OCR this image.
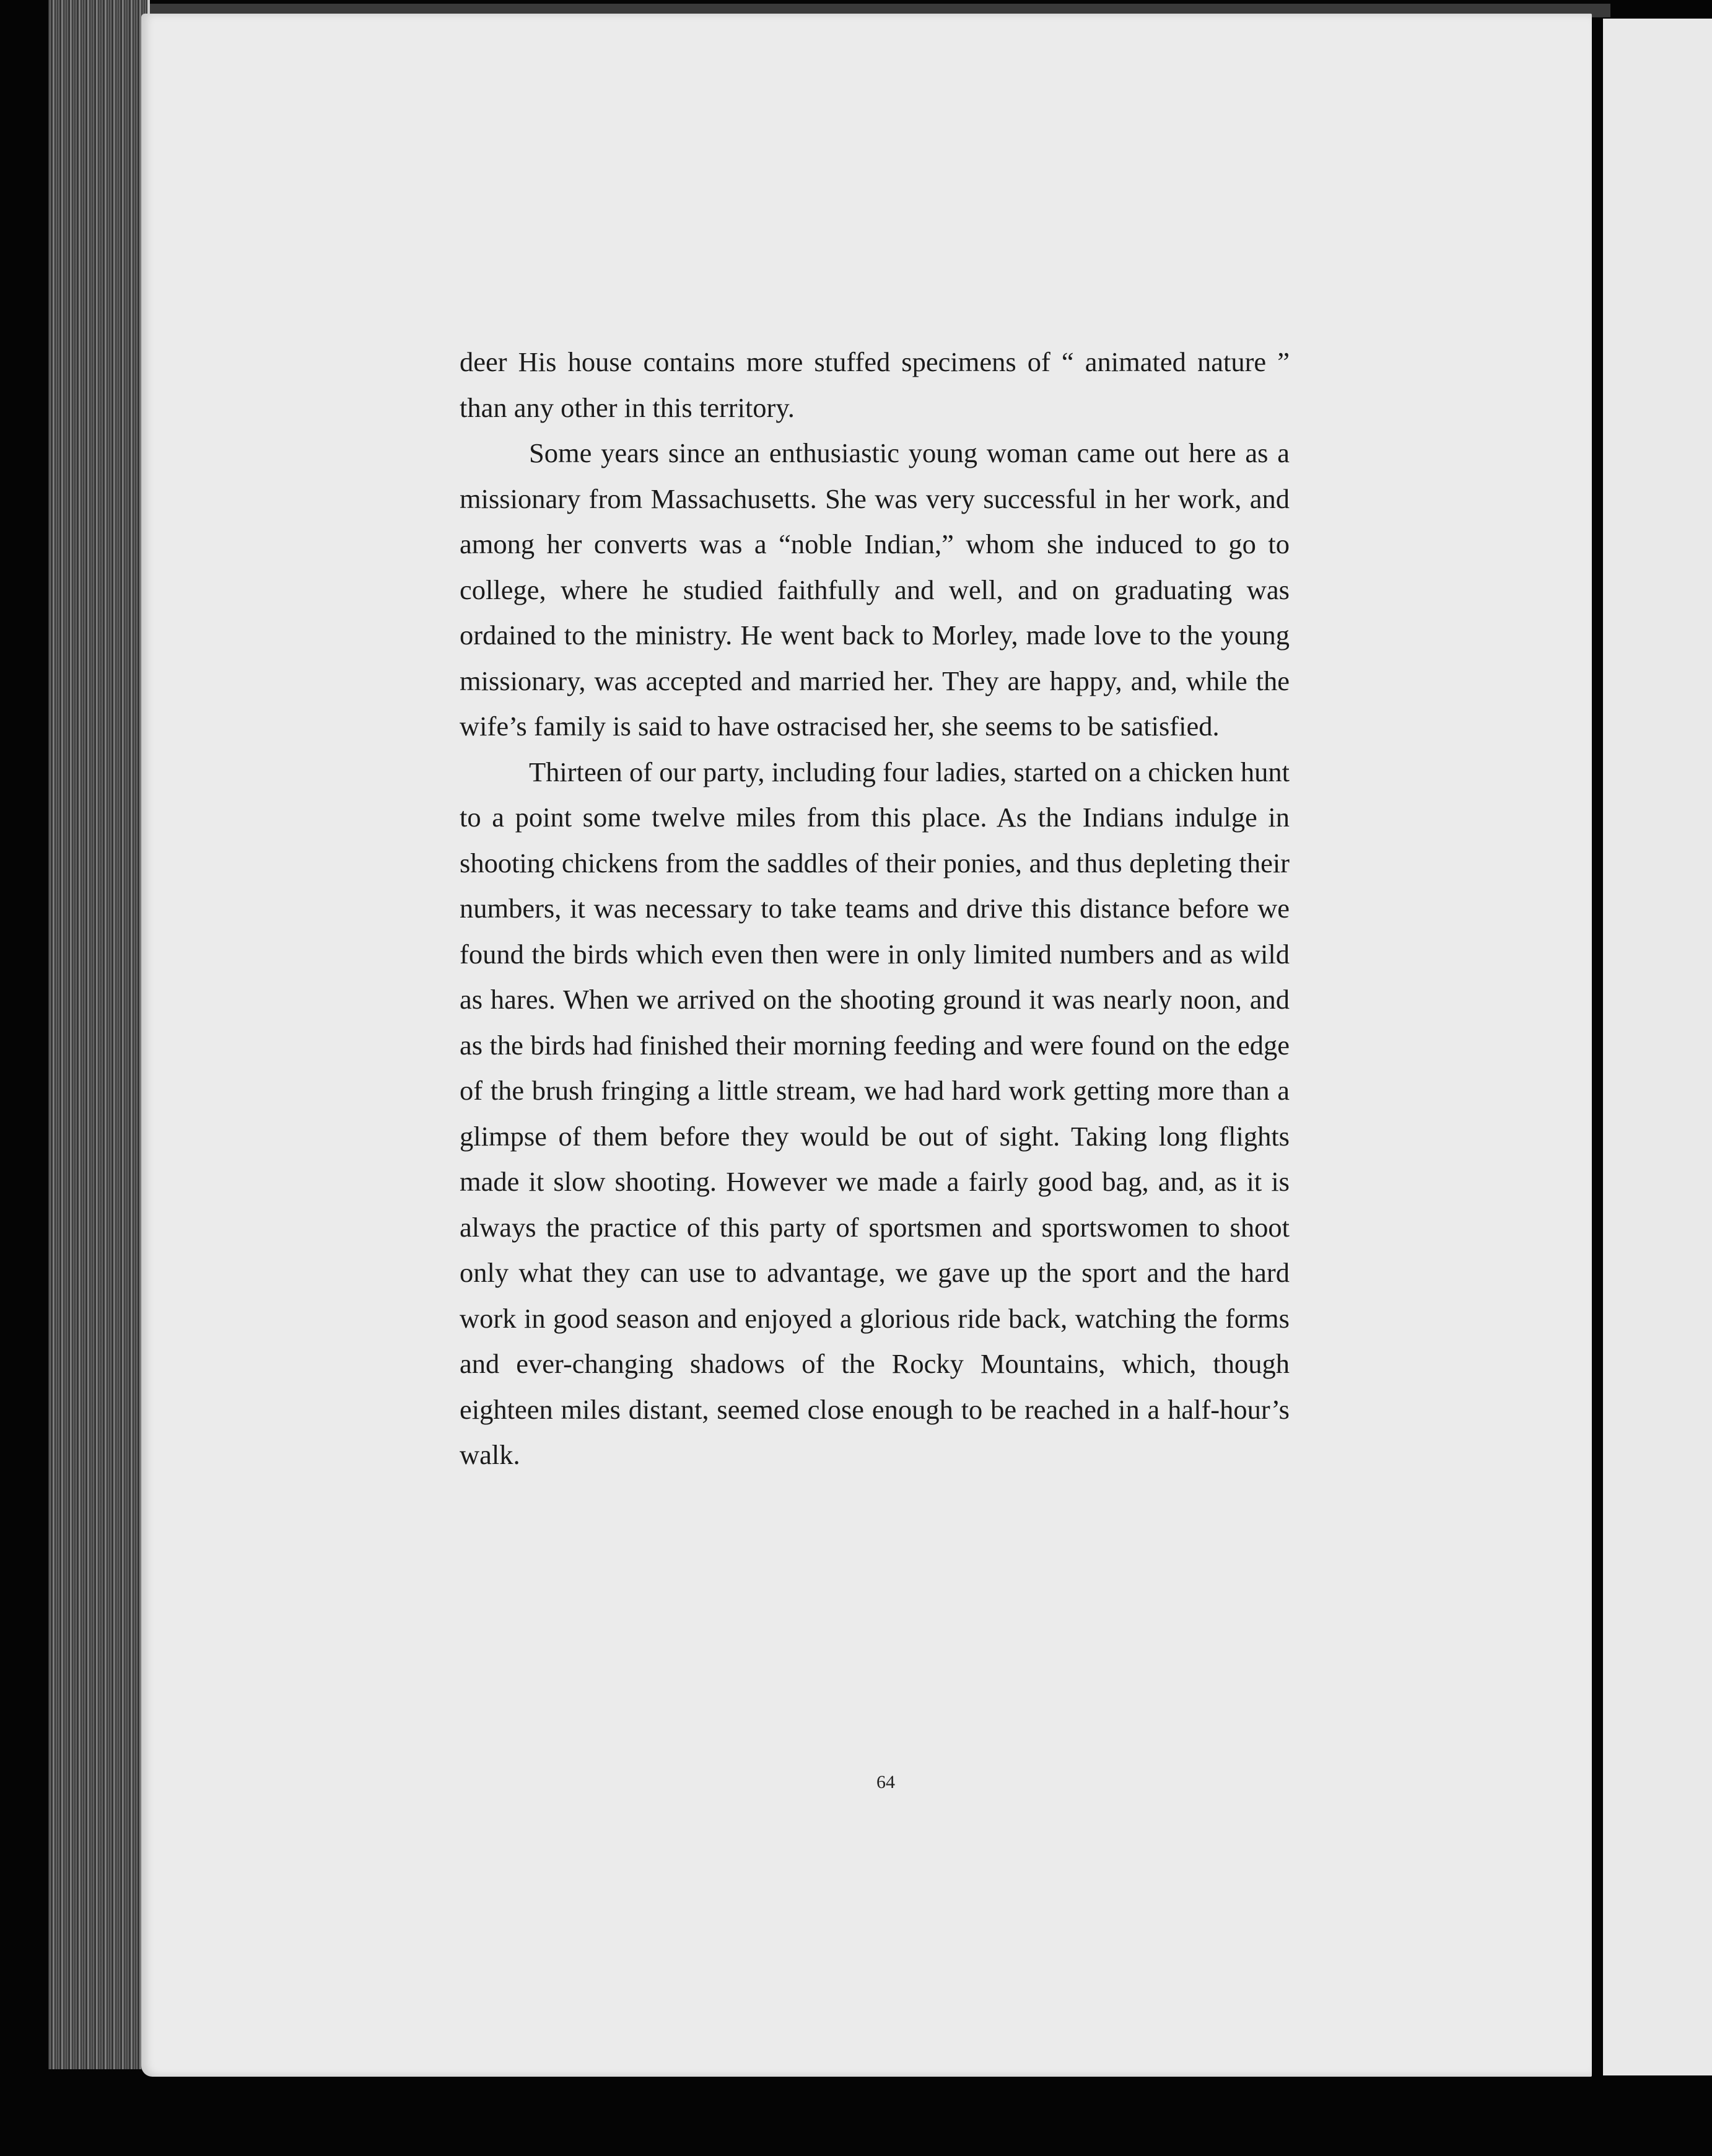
deer His house contains more stuffed specimens of “ animated nature ” than any other in this territory.

Some years since an enthusiastic young woman came out here as a missionary from Massachusetts. She was very successful in her work, and among her converts was a “noble Indian,” whom she induced to go to college, where he studied faithfully and well, and on graduating was ordained to the ministry. He went back to Morley, made love to the young missionary, was accepted and married her. They are happy, and, while the wife’s family is said to have ostracised her, she seems to be satisfied.

Thirteen of our party, including four ladies, started on a chicken hunt to a point some twelve miles from this place. As the Indians indulge in shooting chickens from the saddles of their ponies, and thus depleting their numbers, it was necessary to take teams and drive this distance before we found the birds which even then were in only limited numbers and as wild as hares. When we arrived on the shooting ground it was nearly noon, and as the birds had finished their morning feeding and were found on the edge of the brush fringing a little stream, we had hard work getting more than a glimpse of them before they would be out of sight. Taking long flights made it slow shooting. However we made a fairly good bag, and, as it is always the practice of this party of sportsmen and sportswomen to shoot only what they can use to advantage, we gave up the sport and the hard work in good season and enjoyed a glorious ride back, watching the forms and ever-changing shadows of the Rocky Mountains, which, though eighteen miles distant, seemed close enough to be reached in a half-hour’s walk.

64
